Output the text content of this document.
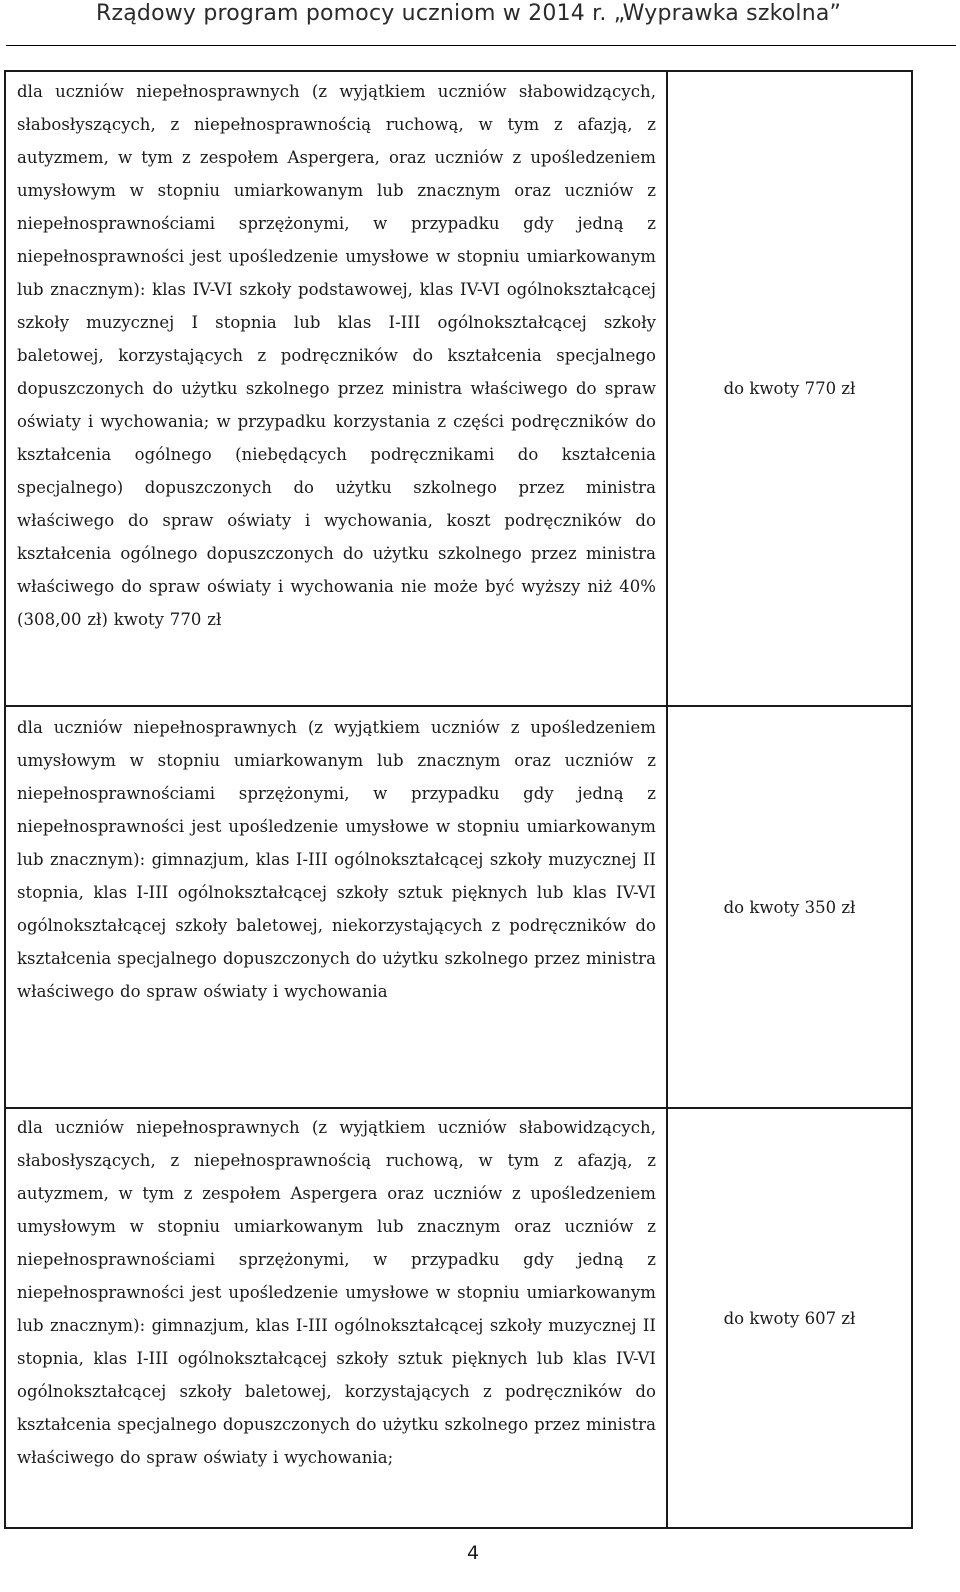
Rządowy program pomocy uczniom w 2014 r. „Wyprawka szkolna”
dla uczniów niepełnosprawnych (z wyjątkiem uczniów słabowidzących, słabosłyszących, z niepełnosprawnością ruchową, w tym z afazją, z autyzmem, w tym z zespołem Aspergera, oraz uczniów z upośledzeniem umysłowym w stopniu umiarkowanym lub znacznym oraz uczniów z niepełnosprawnościami sprzężonymi, w przypadku gdy jedną z niepełnosprawności jest upośledzenie umysłowe w stopniu umiarkowanym lub znacznym): klas IV-VI szkoły podstawowej, klas IV-VI ogólnokształcącej szkoły muzycznej I stopnia lub klas I-III ogólnokształcącej szkoły baletowej, korzystających z podręczników do kształcenia specjalnego dopuszczonych do użytku szkolnego przez ministra właściwego do spraw oświaty i wychowania; w przypadku korzystania z części podręczników do kształcenia ogólnego (niebędących podręcznikami do kształcenia specjalnego) dopuszczonych do użytku szkolnego przez ministra właściwego do spraw oświaty i wychowania, koszt podręczników do kształcenia ogólnego dopuszczonych do użytku szkolnego przez ministra właściwego do spraw oświaty i wychowania nie może być wyższy niż 40% (308,00 zł) kwoty 770 zł	do kwoty 770 zł

dla uczniów niepełnosprawnych (z wyjątkiem uczniów z upośledzeniem umysłowym w stopniu umiarkowanym lub znacznym oraz uczniów z niepełnosprawnościami sprzężonymi, w przypadku gdy jedną z niepełnosprawności jest upośledzenie umysłowe w stopniu umiarkowanym lub znacznym): gimnazjum, klas I-III ogólnokształcącej szkoły muzycznej II stopnia, klas I-III ogólnokształcącej szkoły sztuk pięknych lub klas IV-VI ogólnokształcącej szkoły baletowej, niekorzystających z podręczników do kształcenia specjalnego dopuszczonych do użytku szkolnego przez ministra właściwego do spraw oświaty i wychowania	do kwoty 350 zł

dla uczniów niepełnosprawnych (z wyjątkiem uczniów słabowidzących, słabosłyszących, z niepełnosprawnością ruchową, w tym z afazją, z autyzmem, w tym z zespołem Aspergera oraz uczniów z upośledzeniem umysłowym w stopniu umiarkowanym lub znacznym oraz uczniów z niepełnosprawnościami sprzężonymi, w przypadku gdy jedną z niepełnosprawności jest upośledzenie umysłowe w stopniu umiarkowanym lub znacznym): gimnazjum, klas I-III ogólnokształcącej szkoły muzycznej II stopnia, klas I-III ogólnokształcącej szkoły sztuk pięknych lub klas IV-VI ogólnokształcącej szkoły baletowej, korzystających z podręczników do kształcenia specjalnego dopuszczonych do użytku szkolnego przez ministra właściwego do spraw oświaty i wychowania;	do kwoty 607 zł
4
